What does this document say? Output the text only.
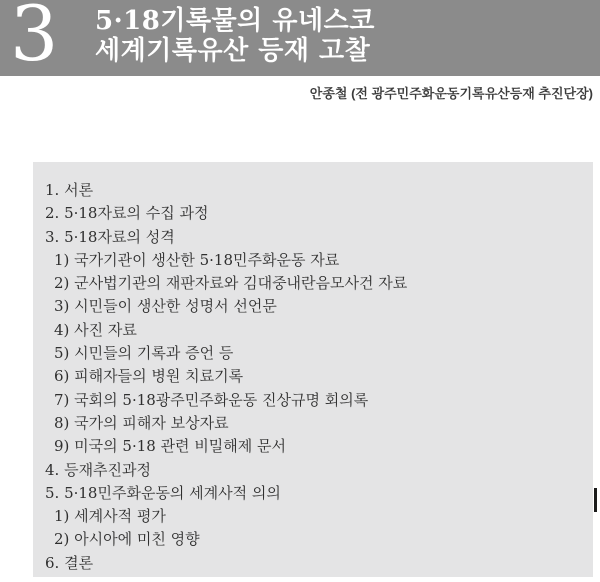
3 5·18기록물의 유네스코
세계기록유산 등재 고찰
안종철 (전 광주민주화운동기록유산등재 추진단장)
1. 서론
2. 5·18자료의 수집 과정
3. 5·18자료의 성격
1) 국가기관이 생산한 5·18민주화운동 자료
2) 군사법기관의 재판자료와 김대중내란음모사건 자료
3) 시민들이 생산한 성명서 선언문
4) 사진 자료
5) 시민들의 기록과 증언 등
6) 피해자들의 병원 치료기록
7) 국회의 5·18광주민주화운동 진상규명 회의록
8) 국가의 피해자 보상자료
9) 미국의 5·18 관련 비밀해제 문서
4. 등재추진과정
5. 5·18민주화운동의 세계사적 의의
1) 세계사적 평가
2) 아시아에 미친 영향
6. 결론
